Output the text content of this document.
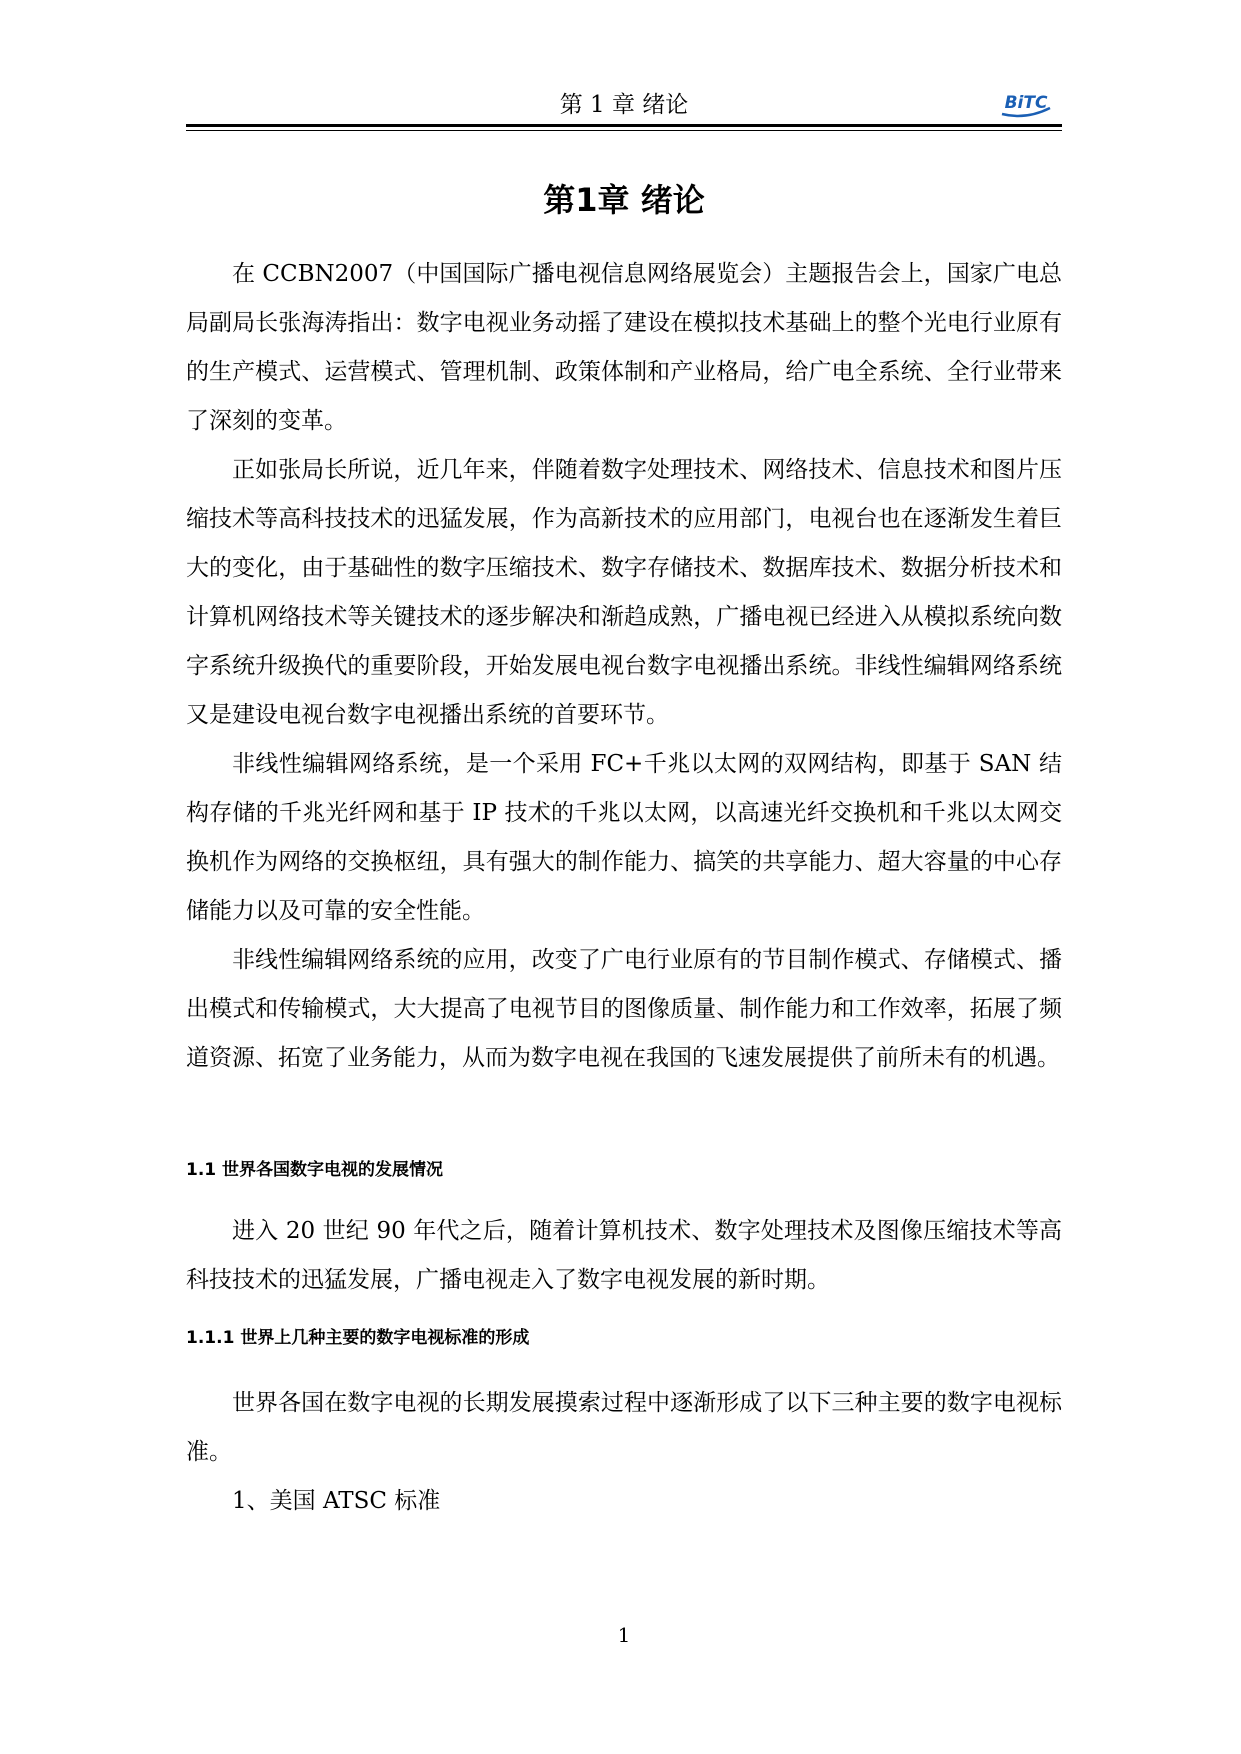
第 1 章 绪论	BiTC
第1章 绪论

在 CCBN2007（中国国际广播电视信息网络展览会）主题报告会上，国家广电总局副局长张海涛指出：数字电视业务动摇了建设在模拟技术基础上的整个光电行业原有的生产模式、运营模式、管理机制、政策体制和产业格局，给广电全系统、全行业带来了深刻的变革。

正如张局长所说，近几年来，伴随着数字处理技术、网络技术、信息技术和图片压缩技术等高科技技术的迅猛发展，作为高新技术的应用部门，电视台也在逐渐发生着巨大的变化，由于基础性的数字压缩技术、数字存储技术、数据库技术、数据分析技术和计算机网络技术等关键技术的逐步解决和渐趋成熟，广播电视已经进入从模拟系统向数字系统升级换代的重要阶段，开始发展电视台数字电视播出系统。非线性编辑网络系统又是建设电视台数字电视播出系统的首要环节。

非线性编辑网络系统，是一个采用 FC+千兆以太网的双网结构，即基于 SAN 结构存储的千兆光纤网和基于 IP 技术的千兆以太网，以高速光纤交换机和千兆以太网交换机作为网络的交换枢纽，具有强大的制作能力、搞笑的共享能力、超大容量的中心存储能力以及可靠的安全性能。

非线性编辑网络系统的应用，改变了广电行业原有的节目制作模式、存储模式、播出模式和传输模式，大大提高了电视节目的图像质量、制作能力和工作效率，拓展了频道资源、拓宽了业务能力，从而为数字电视在我国的飞速发展提供了前所未有的机遇。

1.1 世界各国数字电视的发展情况

进入 20 世纪 90 年代之后，随着计算机技术、数字处理技术及图像压缩技术等高科技技术的迅猛发展，广播电视走入了数字电视发展的新时期。

1.1.1 世界上几种主要的数字电视标准的形成

世界各国在数字电视的长期发展摸索过程中逐渐形成了以下三种主要的数字电视标准。

1、美国 ATSC 标准

1
